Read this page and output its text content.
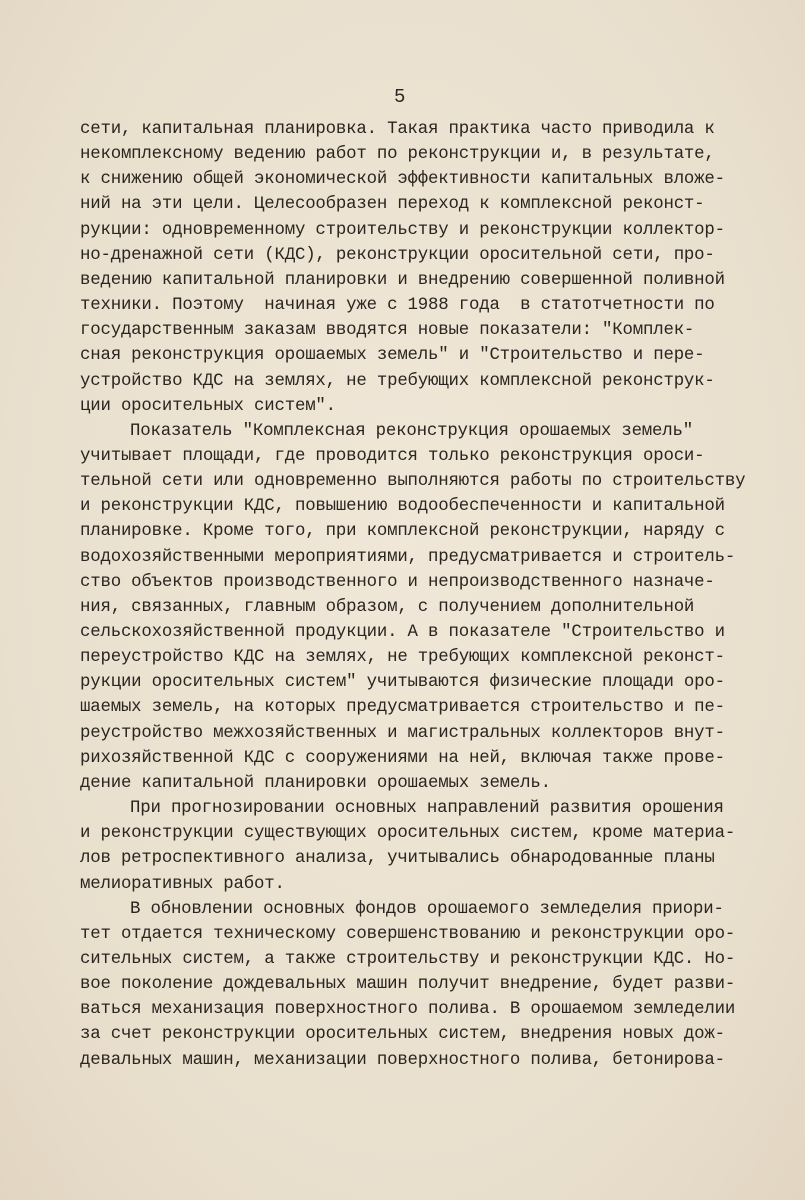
5
сети, капитальная планировка. Такая практика часто приводила к
некомплексному ведению работ по реконструкции и, в результате,
к снижению общей экономической эффективности капитальных вложе-
ний на эти цели. Целесообразен переход к комплексной реконст-
рукции: одновременному строительству и реконструкции коллектор-
но-дренажной сети (КДС), реконструкции оросительной сети, про-
ведению капитальной планировки и внедрению совершенной поливной
техники. Поэтому  начиная уже с 1988 года  в статотчетности по
государственным заказам вводятся новые показатели: "Комплек-
сная реконструкция орошаемых земель" и "Строительство и пере-
устройство КДС на землях, не требующих комплексной реконструк-
ции оросительных систем".
Показатель "Комплексная реконструкция орошаемых земель"
учитывает площади, где проводится только реконструкция ороси-
тельной сети или одновременно выполняются работы по строительству
и реконструкции КДС, повышению водообеспеченности и капитальной
планировке. Кроме того, при комплексной реконструкции, наряду с
водохозяйственными мероприятиями, предусматривается и строитель-
ство объектов производственного и непроизводственного назначе-
ния, связанных, главным образом, с получением дополнительной
сельскохозяйственной продукции. А в показателе "Строительство и
переустройство КДС на землях, не требующих комплексной реконст-
рукции оросительных систем" учитываются физические площади оро-
шаемых земель, на которых предусматривается строительство и пе-
реустройство межхозяйственных и магистральных коллекторов внут-
рихозяйственной КДС с сооружениями на ней, включая также прове-
дение капитальной планировки орошаемых земель.
При прогнозировании основных направлений развития орошения
и реконструкции существующих оросительных систем, кроме материа-
лов ретроспективного анализа, учитывались обнародованные планы
мелиоративных работ.
В обновлении основных фондов орошаемого земледелия приори-
тет отдается техническому совершенствованию и реконструкции оро-
сительных систем, а также строительству и реконструкции КДС. Но-
вое поколение дождевальных машин получит внедрение, будет разви-
ваться механизация поверхностного полива. В орошаемом земледелии
за счет реконструкции оросительных систем, внедрения новых дож-
девальных машин, механизации поверхностного полива, бетонирова-
